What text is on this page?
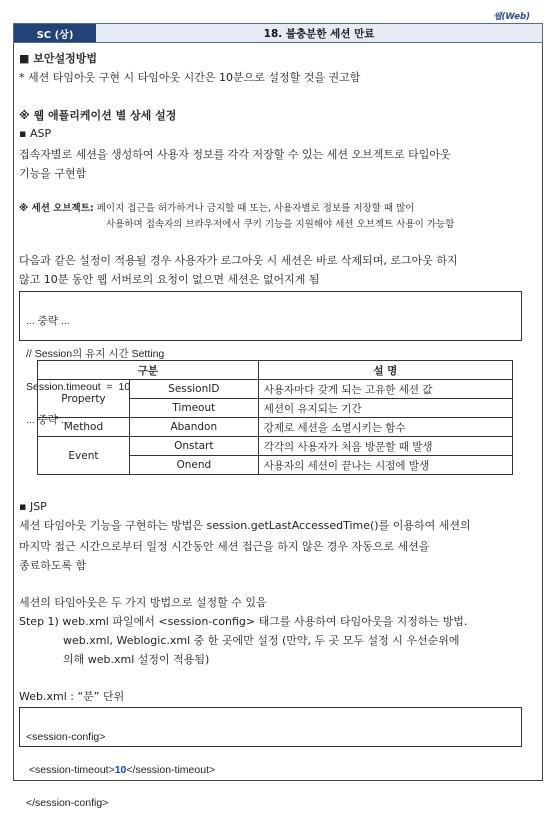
웹(Web)
SC (상)	18. 불충분한 세션 만료
■ 보안설정방법
* 세션 타임아웃 구현 시 타임아웃 시간은 10분으로 설정할 것을 권고함
※ 웹 애플리케이션 별 상세 설정
▪ ASP
접속자별로 세션을 생성하여 사용자 정보를 각각 저장할 수 있는 세션 오브젝트로 타입아웃
기능을 구현함
※ 세션 오브젝트: 페이지 접근을 허가하거나 금지할 때 또는, 사용자별로 정보를 저장할 때 많이
사용하며 접속자의 브라우저에서 쿠키 기능을 지원해야 세션 오브젝트 사용이 가능함
다음과 같은 설정이 적용될 경우 사용자가 로그아웃 시 세션은 바로 삭제되며, 로그아웃 하지
않고 10분 동안 웹 서버로의 요청이 없으면 세션은 없어지게 됨

... 중략 ...

// Session의 유지 시간 Setting

Session.timeout  =  10

... 중략 ...

구분		설 명
Property	SessionID	사용자마다 갖게 되는 고유한 세션 값
	Timeout	세션이 유지되는 기간
Method	Abandon	강제로 세션을 소멸시키는 함수
Event	Onstart	각각의 사용자가 처음 방문할 때 발생
	Onend	사용자의 세션이 끝나는 시점에 발생
▪ JSP
세션 타임아웃 기능을 구현하는 방법은 session.getLastAccessedTime()를 이용하여 세션의
마지막 접근 시간으로부터 일정 시간동안 세션 접근을 하지 않은 경우 자동으로 세션을
종료하도록 함
세션의 타임아웃은 두 가지 방법으로 설정할 수 있음
Step 1) web.xml 파일에서 <session-config> 태그를 사용하여 타임아웃을 지정하는 방법.
web.xml, Weblogic.xml 중 한 곳에만 설정 (만약, 두 곳 모두 설정 시 우선순위에
의해 web.xml 설정이 적용됨)
Web.xml : “분” 단위

<session-config>

<session-timeout>10</session-timeout>

</session-config>
